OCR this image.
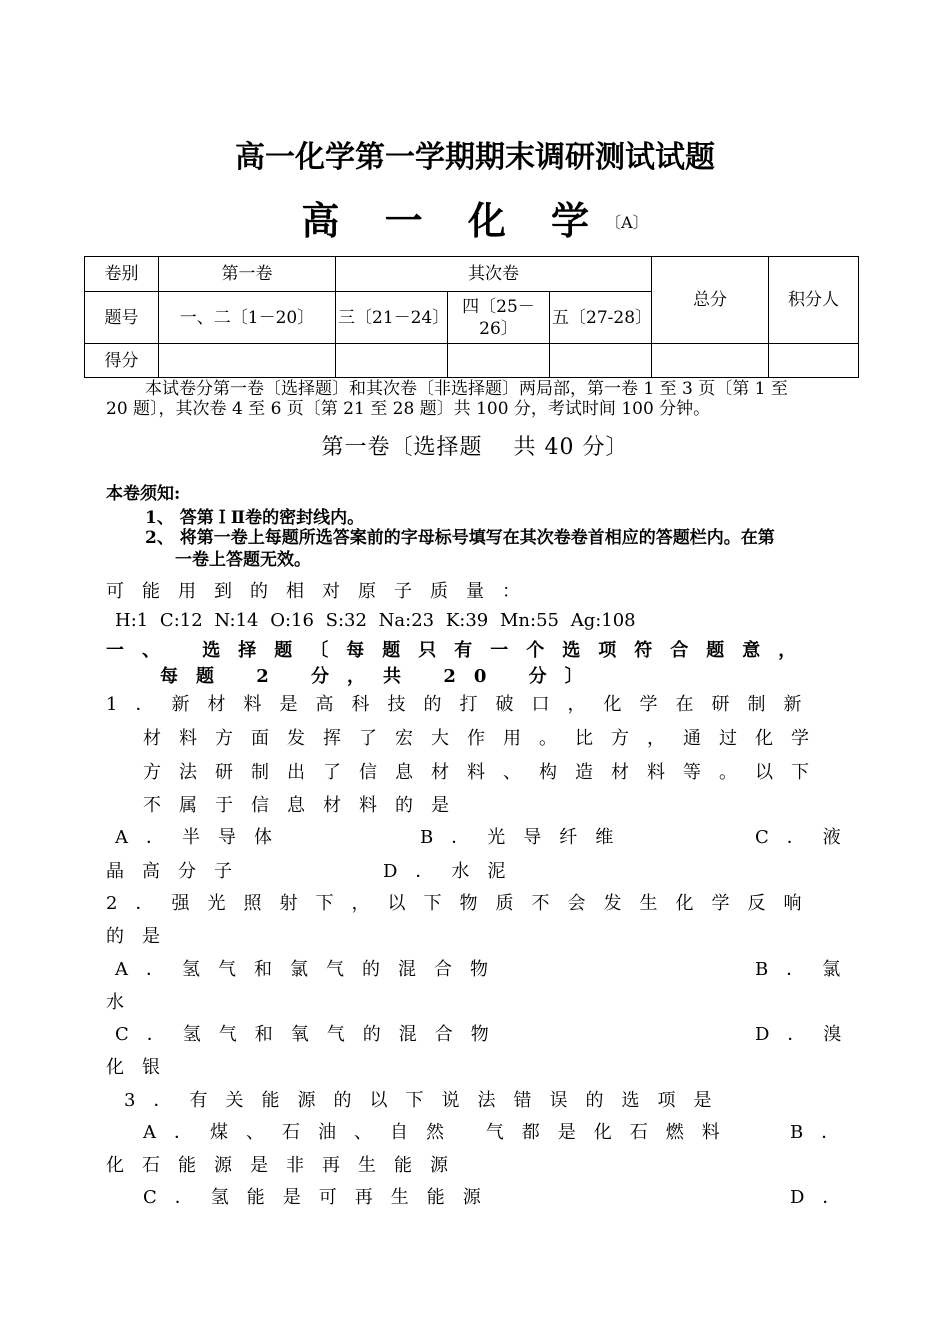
高一化学第一学期期末调研测试试题
高 一 化 学〔A〕
卷别	第一卷	其次卷			总分	积分人
题号	一、二〔1－20〕	三〔21－24〕	四〔25－26〕	五〔27-28〕		
得分						
本试卷分第一卷〔选择题〕和其次卷〔非选择题〕两局部，第一卷 1 至 3 页〔第 1 至
20 题〕，其次卷 4 至 6 页〔第 21 至 28 题〕共 100 分，考试时间 100 分钟。
第一卷〔选择题　 共 40 分〕
本卷须知:
1、 答第ＩⅡ卷的密封线内。
2、 将第一卷上每题所选答案前的字母标号填写在其次卷卷首相应的答题栏内。在第
一卷上答题无效。
可能用到的相对原子质量：
H:1 C:12 N:14 O:16 S:32 Na:23 K:39 Mn:55 Ag:108
一、 选择题〔每题只有一个选项符合题意，
每题 2 分，共 20 分〕
1．新材料是高科技的打破口，化学在研制新
材料方面发挥了宏大作用。比方，通过化学
方法研制出了信息材料、构造材料等。以下
不属于信息材料的是
A．半导体	B．光导纤维	C．液
晶高分子	D．水泥
2．强光照射下，以下物质不会发生化学反响
的是
A．氢气和氯气的混合物	B．氯
水
C．氢气和氧气的混合物	D．溴
化银
3．有关能源的以下说法错误的选项是
A．煤、石油、自然 气都是化石燃料	B．
化石能源是非再生能源
C．氢能是可再生能源	D．
